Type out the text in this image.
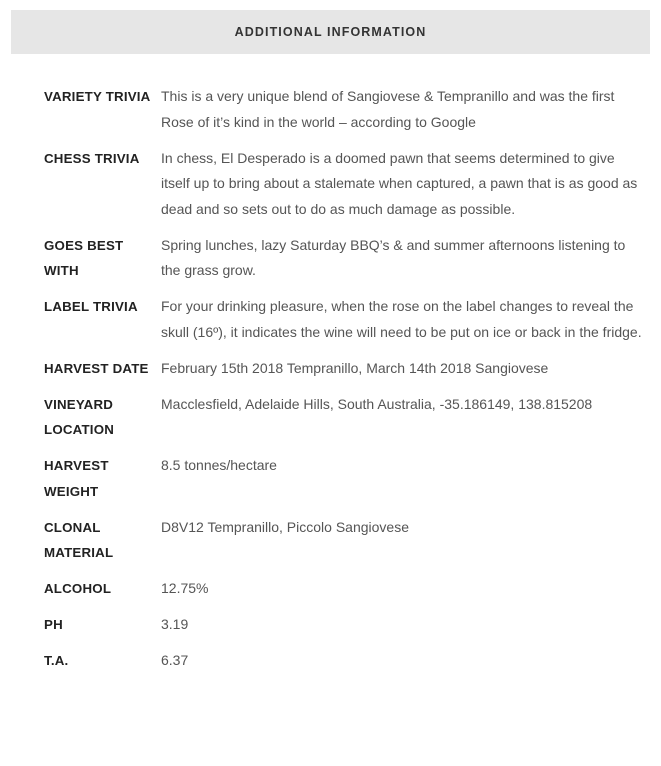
ADDITIONAL INFORMATION
VARIETY TRIVIA	This is a very unique blend of Sangiovese & Tempranillo and was the first Rose of it’s kind in the world – according to Google
CHESS TRIVIA	In chess, El Desperado is a doomed pawn that seems determined to give itself up to bring about a stalemate when captured, a pawn that is as good as dead and so sets out to do as much damage as possible.
GOES BEST WITH	Spring lunches, lazy Saturday BBQ’s & and summer afternoons listening to the grass grow.
LABEL TRIVIA	For your drinking pleasure, when the rose on the label changes to reveal the skull (16º), it indicates the wine will need to be put on ice or back in the fridge.
HARVEST DATE	February 15th 2018 Tempranillo, March 14th 2018 Sangiovese
VINEYARD LOCATION	Macclesfield, Adelaide Hills, South Australia, -35.186149, 138.815208
HARVEST WEIGHT	8.5 tonnes/hectare
CLONAL MATERIAL	D8V12 Tempranillo, Piccolo Sangiovese
ALCOHOL	12.75%
PH	3.19
T.A.	6.37
